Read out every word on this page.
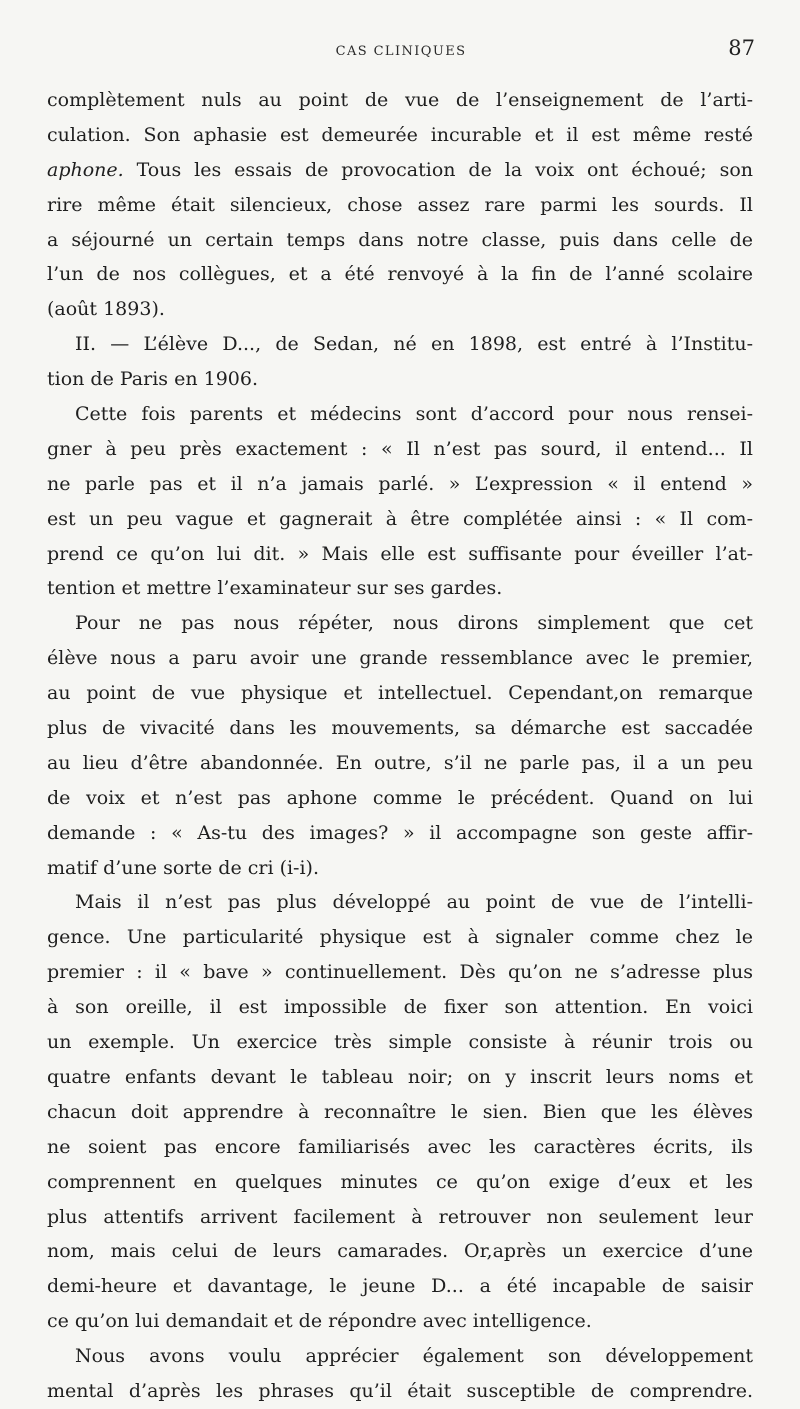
CAS CLINIQUES	87
complètement nuls au point de vue de l’enseignement de l’arti-
culation. Son aphasie est demeurée incurable et il est même resté
aphone. Tous les essais de provocation de la voix ont échoué; son
rire même était silencieux, chose assez rare parmi les sourds. Il
a séjourné un certain temps dans notre classe, puis dans celle de
l’un de nos collègues, et a été renvoyé à la fin de l’anné scolaire
(août 1893).
II. — L’élève D..., de Sedan, né en 1898, est entré à l’Institu-
tion de Paris en 1906.
Cette fois parents et médecins sont d’accord pour nous rensei-
gner à peu près exactement : « Il n’est pas sourd, il entend... Il
ne parle pas et il n’a jamais parlé. » L’expression « il entend »
est un peu vague et gagnerait à être complétée ainsi : « Il com-
prend ce qu’on lui dit. » Mais elle est suffisante pour éveiller l’at-
tention et mettre l’examinateur sur ses gardes.
Pour ne pas nous répéter, nous dirons simplement que cet
élève nous a paru avoir une grande ressemblance avec le premier,
au point de vue physique et intellectuel. Cependant,on remarque
plus de vivacité dans les mouvements, sa démarche est saccadée
au lieu d’être abandonnée. En outre, s’il ne parle pas, il a un peu
de voix et n’est pas aphone comme le précédent. Quand on lui
demande : « As-tu des images? » il accompagne son geste affir-
matif d’une sorte de cri (i-i).
Mais il n’est pas plus développé au point de vue de l’intelli-
gence. Une particularité physique est à signaler comme chez le
premier : il « bave » continuellement. Dès qu’on ne s’adresse plus
à son oreille, il est impossible de fixer son attention. En voici
un exemple. Un exercice très simple consiste à réunir trois ou
quatre enfants devant le tableau noir; on y inscrit leurs noms et
chacun doit apprendre à reconnaître le sien. Bien que les élèves
ne soient pas encore familiarisés avec les caractères écrits, ils
comprennent en quelques minutes ce qu’on exige d’eux et les
plus attentifs arrivent facilement à retrouver non seulement leur
nom, mais celui de leurs camarades. Or,après un exercice d’une
demi-heure et davantage, le jeune D... a été incapable de saisir
ce qu’on lui demandait et de répondre avec intelligence.
Nous avons voulu apprécier également son développement
mental d’après les phrases qu’il était susceptible de comprendre.
